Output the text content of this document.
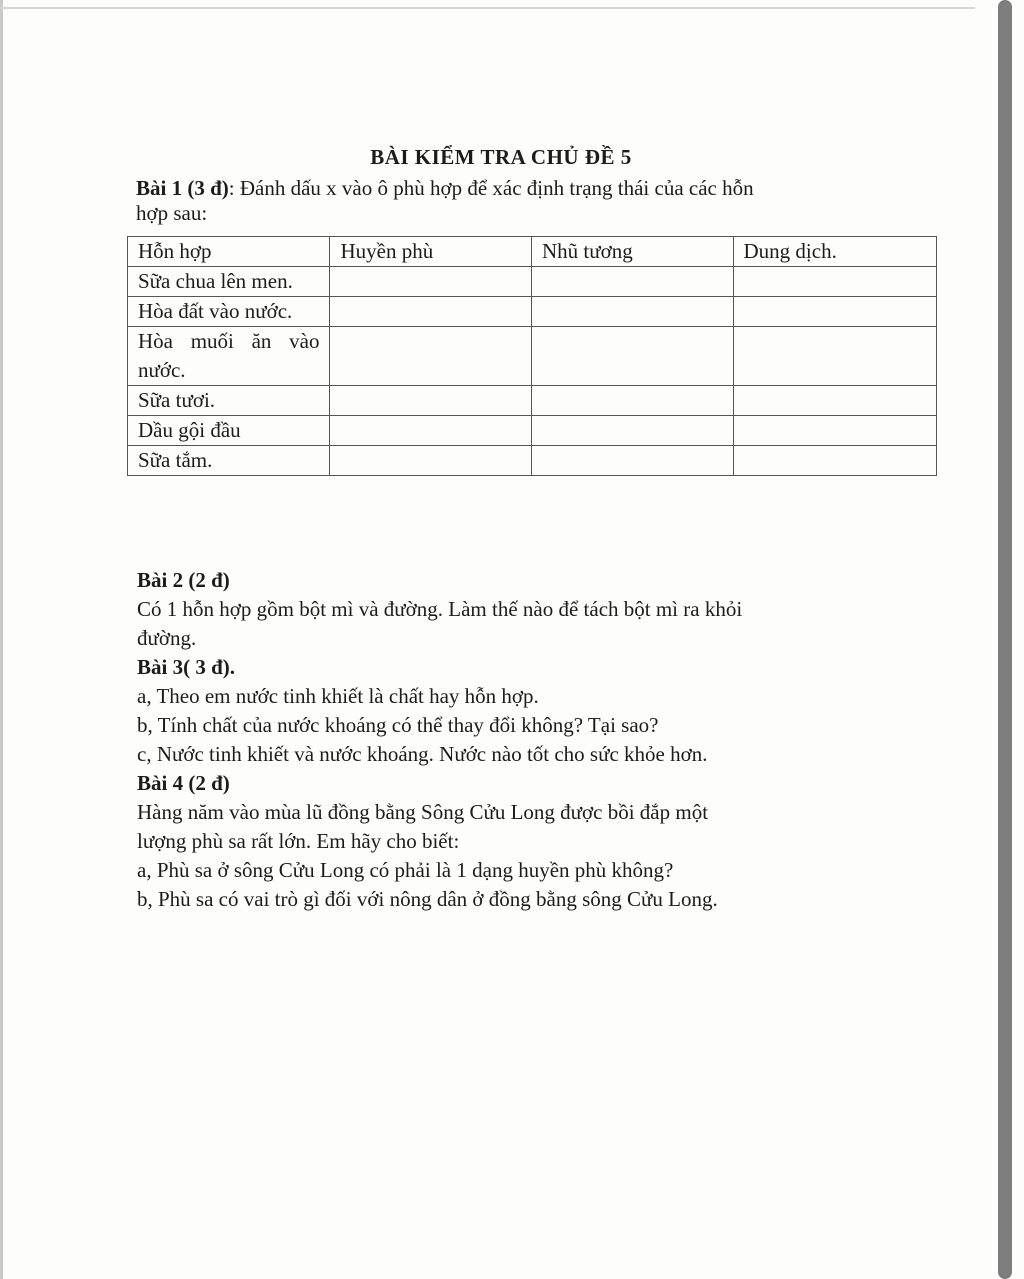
BÀI KIỂM TRA CHỦ ĐỀ 5

Bài 1 (3 đ): Đánh dấu x vào ô phù hợp để xác định trạng thái của các hỗn

hợp sau:

Hỗn hợp	Huyền phù	Nhũ tương	Dung dịch.
Sữa chua lên men.			
Hòa đất vào nước.			
Hòa muối ăn vào nước.			
Sữa tươi.			
Dầu gội đầu			
Sữa tắm.			

Bài 2 (2 đ)

Có 1 hỗn hợp gồm bột mì và đường. Làm thế nào để tách bột mì ra khỏi

đường.

Bài 3( 3 đ).

a, Theo em nước tinh khiết là chất hay hỗn hợp.

b, Tính chất của nước khoáng có thể thay đổi không? Tại sao?

c, Nước tinh khiết và nước khoáng. Nước nào tốt cho sức khỏe hơn.

Bài 4 (2 đ)

Hàng năm vào mùa lũ đồng bằng Sông Cửu Long được bồi đắp một

lượng phù sa rất lớn. Em hãy cho biết:

a, Phù sa ở sông Cửu Long có phải là 1 dạng huyền phù không?

b, Phù sa có vai trò gì đối với nông dân ở đồng bằng sông Cửu Long.
